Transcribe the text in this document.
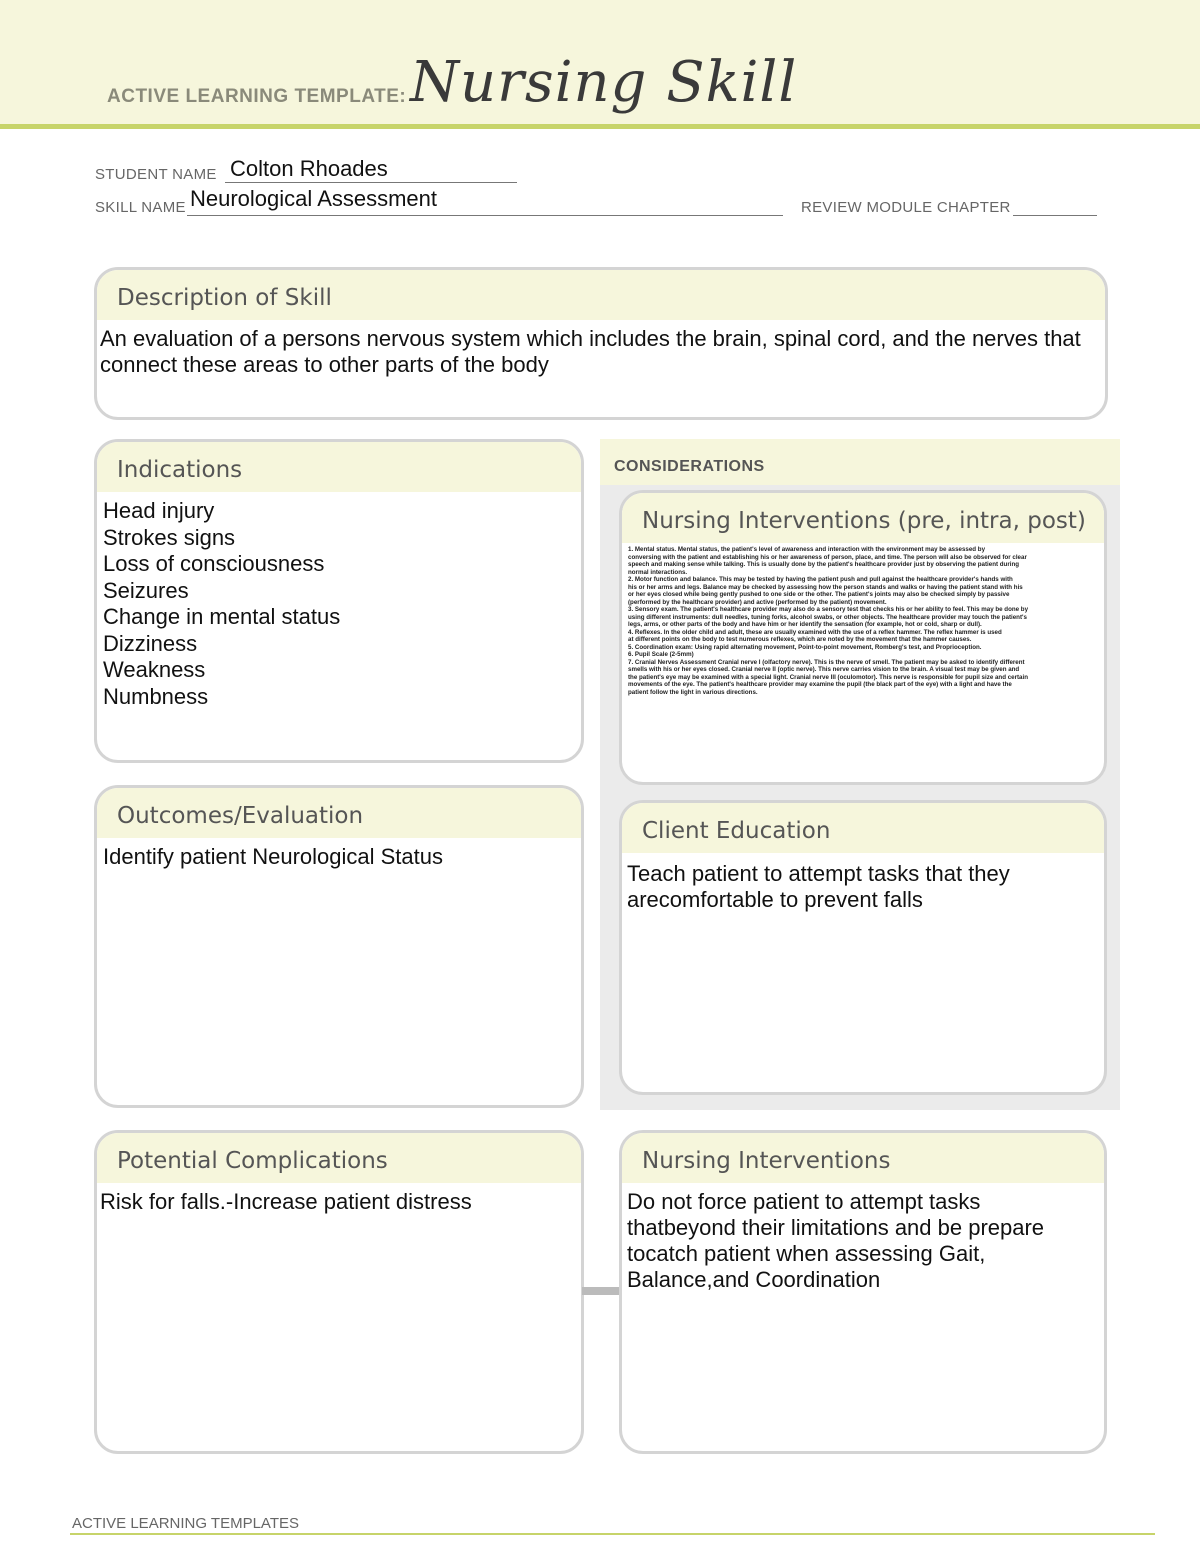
ACTIVE LEARNING TEMPLATE: Nursing Skill
STUDENT NAME Colton Rhoades
SKILL NAME Neurological Assessment	REVIEW MODULE CHAPTER
Description of Skill
An evaluation of a persons nervous system which includes the brain, spinal cord, and the nerves that connect these areas to other parts of the body
Indications
Head injury
Strokes signs
Loss of consciousness
Seizures
Change in mental status
Dizziness
Weakness
Numbness
CONSIDERATIONS
Nursing Interventions (pre, intra, post)
1. Mental status. Mental status, the patient's level of awareness and interaction with the environment may be assessed by
conversing with the patient and establishing his or her awareness of person, place, and time. The person will also be observed for clear
speech and making sense while talking. This is usually done by the patient's healthcare provider just by observing the patient during
normal interactions.
2. Motor function and balance. This may be tested by having the patient push and pull against the healthcare provider's hands with
his or her arms and legs. Balance may be checked by assessing how the person stands and walks or having the patient stand with his
or her eyes closed while being gently pushed to one side or the other. The patient's joints may also be checked simply by passive
(performed by the healthcare provider) and active (performed by the patient) movement.
3. Sensory exam. The patient's healthcare provider may also do a sensory test that checks his or her ability to feel. This may be done by
using different instruments: dull needles, tuning forks, alcohol swabs, or other objects. The healthcare provider may touch the patient's
legs, arms, or other parts of the body and have him or her identify the sensation (for example, hot or cold, sharp or dull).
4. Reflexes. In the older child and adult, these are usually examined with the use of a reflex hammer. The reflex hammer is used
at different points on the body to test numerous reflexes, which are noted by the movement that the hammer causes.
5. Coordination exam: Using rapid alternating movement, Point-to-point movement, Romberg's test, and Proprioception.
6. Pupil Scale (2-5mm)
7. Cranial Nerves Assessment Cranial nerve I (olfactory nerve). This is the nerve of smell. The patient may be asked to identify different
smells with his or her eyes closed. Cranial nerve II (optic nerve). This nerve carries vision to the brain. A visual test may be given and
the patient's eye may be examined with a special light. Cranial nerve III (oculomotor). This nerve is responsible for pupil size and certain
movements of the eye. The patient's healthcare provider may examine the pupil (the black part of the eye) with a light and have the
patient follow the light in various directions.
Outcomes/Evaluation
Identify patient Neurological Status
Client Education
Teach patient to attempt tasks that they arecomfortable to prevent falls
Potential Complications
Risk for falls.-Increase patient distress
Nursing Interventions
Do not force patient to attempt tasks thatbeyond their limitations and be prepare tocatch patient when assessing Gait, Balance,and Coordination
ACTIVE LEARNING TEMPLATES
